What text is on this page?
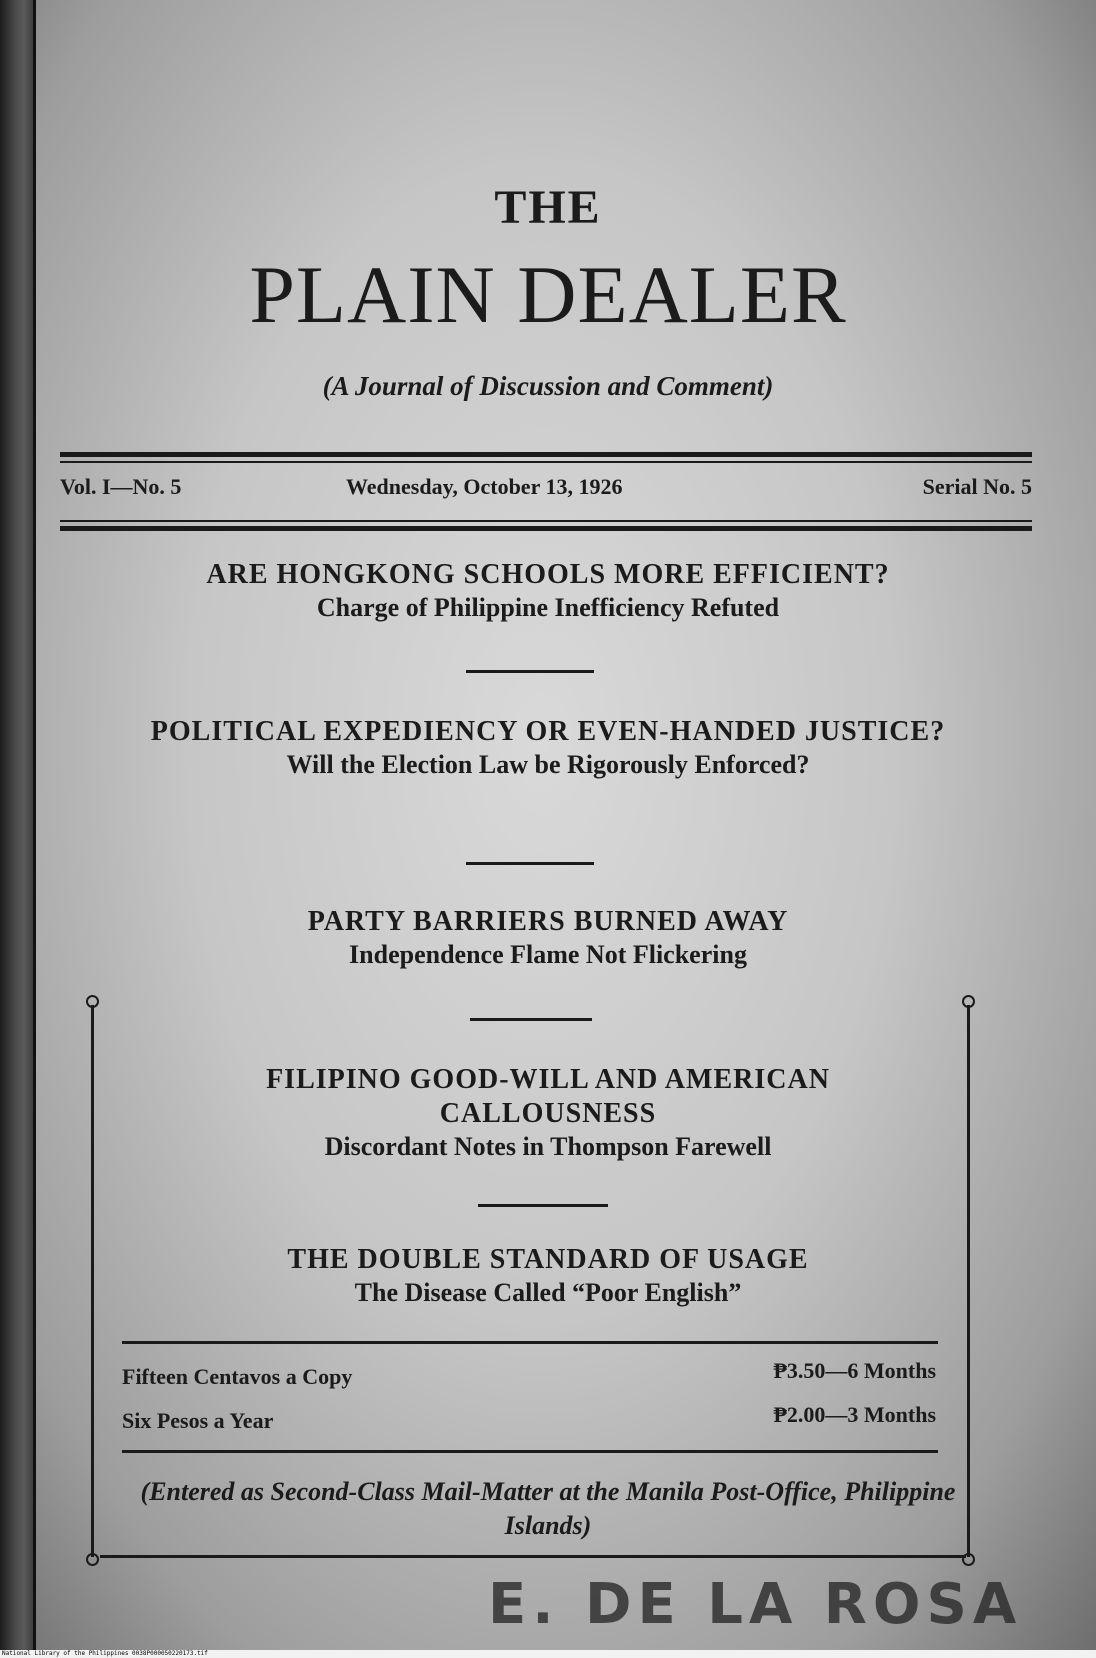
THE
PLAIN DEALER
(A Journal of Discussion and Comment)
Vol. I—No. 5	Wednesday, October 13, 1926	Serial No. 5
ARE HONGKONG SCHOOLS MORE EFFICIENT?
Charge of Philippine Inefficiency Refuted
POLITICAL EXPEDIENCY OR EVEN-HANDED JUSTICE?
Will the Election Law be Rigorously Enforced?
PARTY BARRIERS BURNED AWAY
Independence Flame Not Flickering
FILIPINO GOOD-WILL AND AMERICAN CALLOUSNESS
Discordant Notes in Thompson Farewell
THE DOUBLE STANDARD OF USAGE
The Disease Called “Poor English”
Fifteen Centavos a Copy
Six Pesos a Year
₱3.50—6 Months
₱2.00—3 Months
(Entered as Second-Class Mail-Matter at the Manila Post-Office, Philippine Islands)
E. DE LA ROSA
National Library of the Philippines 0038P000050220173.tif
